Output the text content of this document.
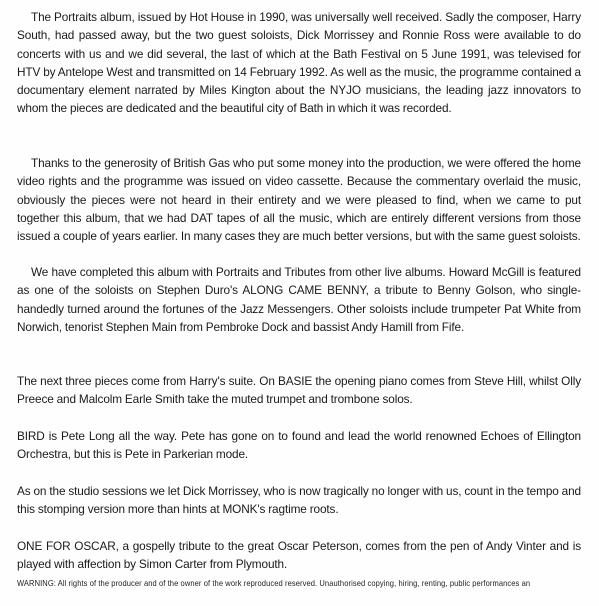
The Portraits album, issued by Hot House in 1990, was universally well received. Sadly the composer, Harry South, had passed away, but the two guest soloists, Dick Morrissey and Ronnie Ross were available to do concerts with us and we did several, the last of which at the Bath Festival on 5 June 1991, was televised for HTV by Antelope West and transmitted on 14 February 1992. As well as the music, the programme contained a documentary element narrated by Miles Kington about the NYJO musicians, the leading jazz innovators to whom the pieces are dedicated and the beautiful city of Bath in which it was recorded.

Thanks to the generosity of British Gas who put some money into the production, we were offered the home video rights and the programme was issued on video cassette. Because the commentary overlaid the music, obviously the pieces were not heard in their entirety and we were pleased to find, when we came to put together this album, that we had DAT tapes of all the music, which are entirely different versions from those issued a couple of years earlier. In many cases they are much better versions, but with the same guest soloists.

We have completed this album with Portraits and Tributes from other live albums. Howard McGill is featured as one of the soloists on Stephen Duro's ALONG CAME BENNY, a tribute to Benny Golson, who single-handedly turned around the fortunes of the Jazz Messengers. Other soloists include trumpeter Pat White from Norwich, tenorist Stephen Main from Pembroke Dock and bassist Andy Hamill from Fife.

The next three pieces come from Harry's suite. On BASIE the opening piano comes from Steve Hill, whilst Olly Preece and Malcolm Earle Smith take the muted trumpet and trombone solos.

BIRD is Pete Long all the way. Pete has gone on to found and lead the world renowned Echoes of Ellington Orchestra, but this is Pete in Parkerian mode.

As on the studio sessions we let Dick Morrissey, who is now tragically no longer with us, count in the tempo and this stomping version more than hints at MONK's ragtime roots.

ONE FOR OSCAR, a gospelly tribute to the great Oscar Peterson, comes from the pen of Andy Vinter and is played with affection by Simon Carter from Plymouth.

WARNING: All rights of the producer and of the owner of the work reproduced reserved. Unauthorised copying, hiring, renting, public performances an
